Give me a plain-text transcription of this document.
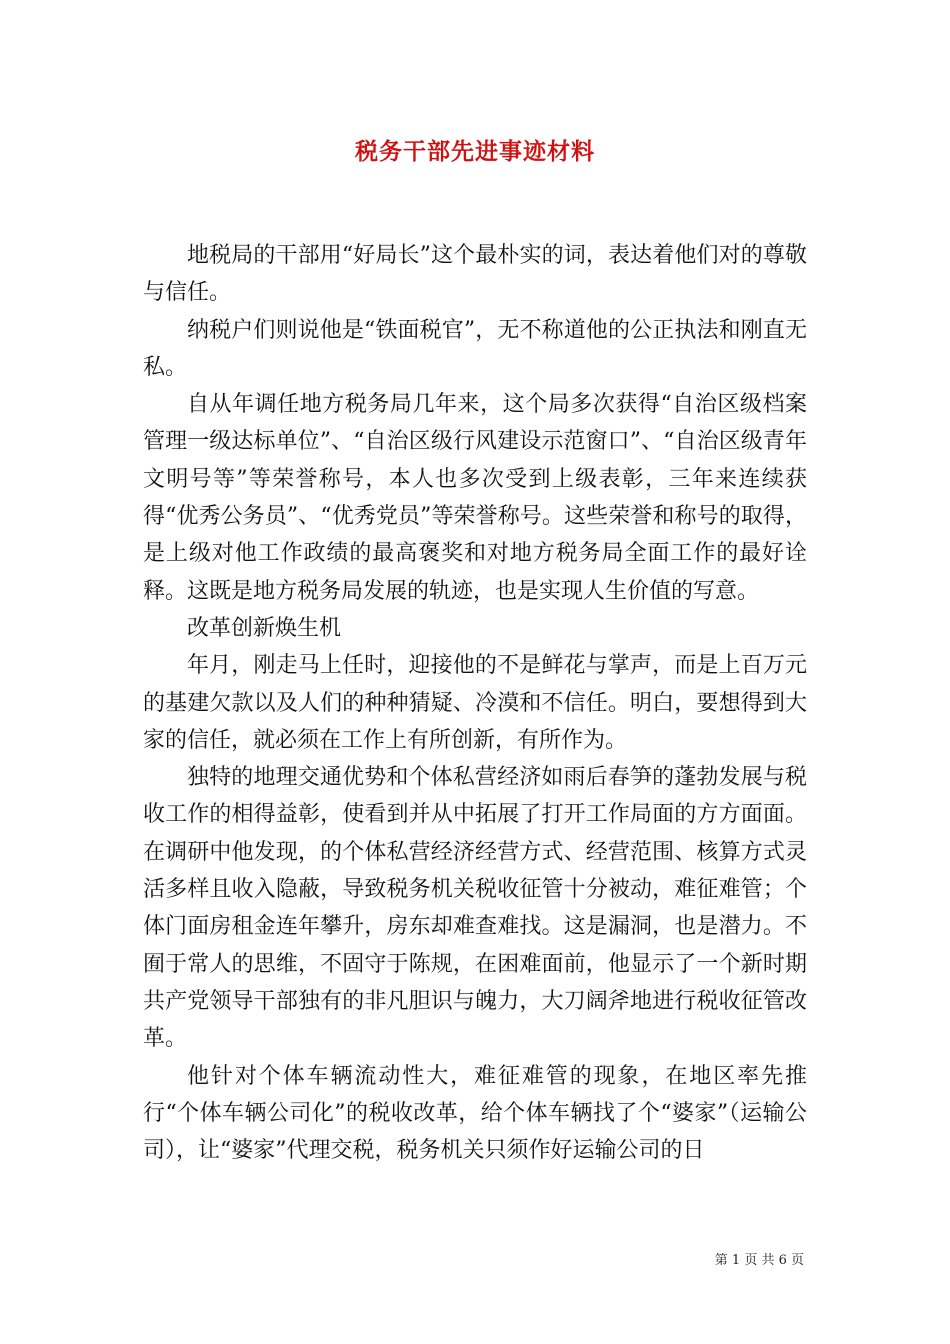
税务干部先进事迹材料

地税局的干部用“好局长”这个最朴实的词，表达着他们对的尊敬与信任。

纳税户们则说他是“铁面税官”，无不称道他的公正执法和刚直无私。

自从年调任地方税务局几年来，这个局多次获得“自治区级档案管理一级达标单位”、“自治区级行风建设示范窗口”、“自治区级青年文明号等”等荣誉称号，本人也多次受到上级表彰，三年来连续获得“优秀公务员”、“优秀党员”等荣誉称号。这些荣誉和称号的取得，是上级对他工作政绩的最高褒奖和对地方税务局全面工作的最好诠释。这既是地方税务局发展的轨迹，也是实现人生价值的写意。

改革创新焕生机

年月，刚走马上任时，迎接他的不是鲜花与掌声，而是上百万元的基建欠款以及人们的种种猜疑、冷漠和不信任。明白，要想得到大家的信任，就必须在工作上有所创新，有所作为。

独特的地理交通优势和个体私营经济如雨后春笋的蓬勃发展与税收工作的相得益彰，使看到并从中拓展了打开工作局面的方方面面。在调研中他发现，的个体私营经济经营方式、经营范围、核算方式灵活多样且收入隐蔽，导致税务机关税收征管十分被动，难征难管；个体门面房租金连年攀升，房东却难查难找。这是漏洞，也是潜力。不囿于常人的思维，不固守于陈规，在困难面前，他显示了一个新时期共产党领导干部独有的非凡胆识与魄力，大刀阔斧地进行税收征管改革。

他针对个体车辆流动性大，难征难管的现象，在地区率先推行“个体车辆公司化”的税收改革，给个体车辆找了个“婆家”（运输公司），让“婆家”代理交税，税务机关只须作好运输公司的日

第 1 页 共 6 页
